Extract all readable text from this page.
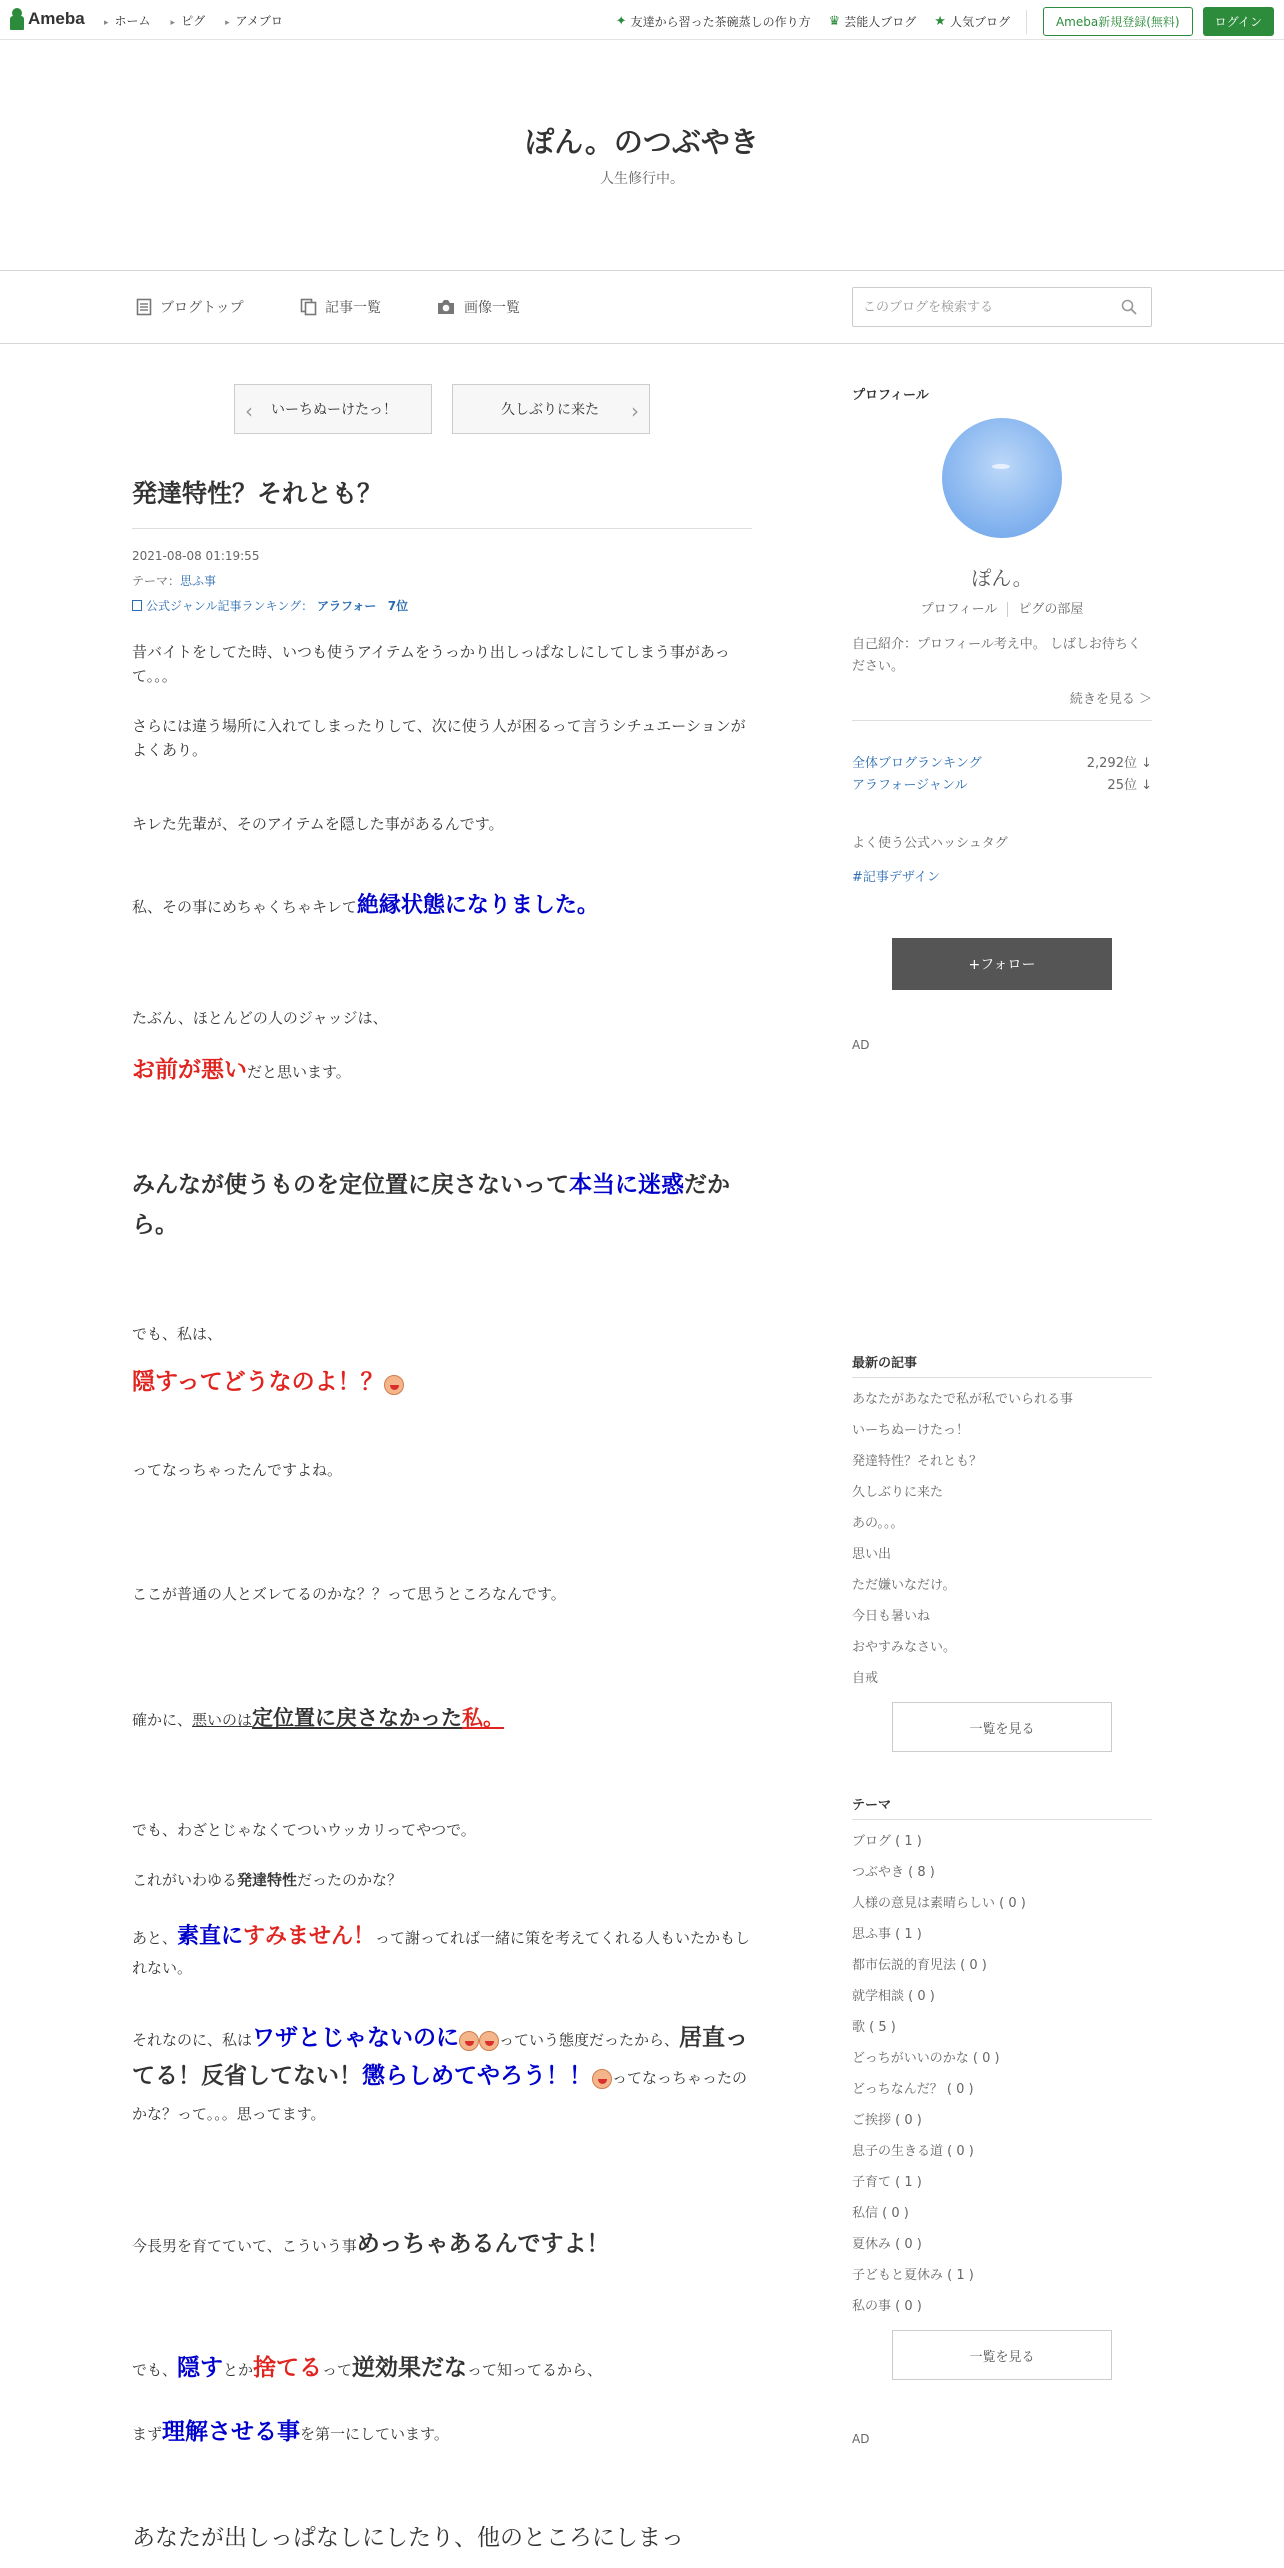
Ameba	▸ ホーム	▸ ピグ	▸ アメブロ	✦ 友達から習った茶碗蒸しの作り方 ♛ 芸能人ブログ ★ 人気ブログ	Ameba新規登録(無料)	ログイン
ぽん。のつぶやき
人生修行中。
ブログトップ	記事一覧	画像一覧
このブログを検索する
‹ いーちぬーけたっ！	久しぶりに来た ›
発達特性？それとも？
2021-08-08 01:19:55
テーマ：思ふ事
公式ジャンル記事ランキング： アラフォー 7位

昔バイトをしてた時、いつも使うアイテムをうっかり出しっぱなしにしてしまう事があって。。。

さらには違う場所に入れてしまったりして、次に使う人が困るって言うシチュエーションがよくあり。

キレた先輩が、そのアイテムを隠した事があるんです。

私、その事にめちゃくちゃキレて絶縁状態になりました。

たぶん、ほとんどの人のジャッジは、

お前が悪いだと思います。

みんなが使うものを定位置に戻さないって本当に迷惑だから。

でも、私は、

隠すってどうなのよ！？

ってなっちゃったんですよね。

ここが普通の人とズレてるのかな？？って思うところなんです。

確かに、悪いのは定位置に戻さなかった私。

でも、わざとじゃなくてついウッカリってやつで。

これがいわゆる発達特性だったのかな？

あと、素直にすみません！って謝ってれば一緒に策を考えてくれる人もいたかもしれない。

それなのに、私はワザとじゃないのに	っていう態度だったから、居直ってる！反省してない！懲らしめてやろう！！ ってなっちゃったのかな？って。。。思ってます。

今長男を育てていて、こういう事めっちゃあるんですよ！

でも、隠すとか捨てるって逆効果だなって知ってるから、

まず理解させる事を第一にしています。

あなたが出しっぱなしにしたり、他のところにしまっ

プロフィール
ぽん。
プロフィール ピグの部屋
自己紹介：プロフィール考え中。 しばしお待ちください。
続きを見る ＞
全体ブログランキング	2,292位 ↓
アラフォージャンル	25位 ↓
よく使う公式ハッシュタグ
#記事デザイン
+フォロー
AD
最新の記事
あなたがあなたで私が私でいられる事
いーちぬーけたっ！
発達特性？それとも？
久しぶりに来た
あの。。。
思い出
ただ嫌いなだけ。
今日も暑いね
おやすみなさい。
自戒
一覧を見る
テーマ
ブログ ( 1 )
つぶやき ( 8 )
人様の意見は素晴らしい ( 0 )
思ふ事 ( 1 )
都市伝説的育児法 ( 0 )
就学相談 ( 0 )
歌 ( 5 )
どっちがいいのかな ( 0 )
どっちなんだ？ ( 0 )
ご挨拶 ( 0 )
息子の生きる道 ( 0 )
子育て ( 1 )
私信 ( 0 )
夏休み ( 0 )
子どもと夏休み ( 1 )
私の事 ( 0 )
一覧を見る
AD
